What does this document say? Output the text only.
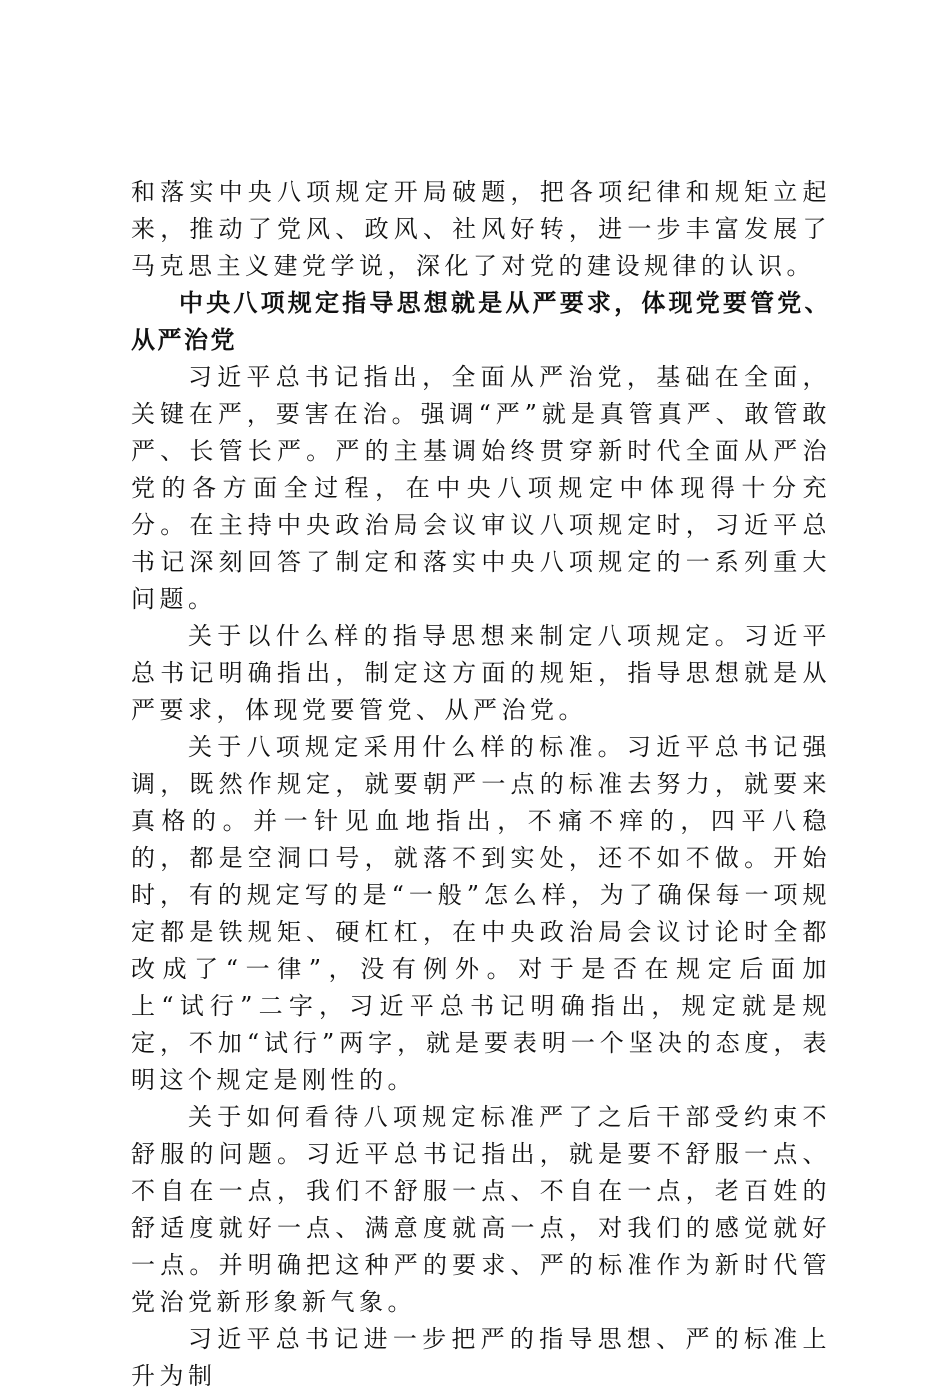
和落实中央八项规定开局破题，把各项纪律和规矩立起来，推动了党风、政风、社风好转，进一步丰富发展了马克思主义建党学说，深化了对党的建设规律的认识。

中央八项规定指导思想就是从严要求，体现党要管党、从严治党

习近平总书记指出，全面从严治党，基础在全面，关键在严，要害在治。强调“严”就是真管真严、敢管敢严、长管长严。严的主基调始终贯穿新时代全面从严治党的各方面全过程，在中央八项规定中体现得十分充分。在主持中央政治局会议审议八项规定时，习近平总书记深刻回答了制定和落实中央八项规定的一系列重大问题。

关于以什么样的指导思想来制定八项规定。习近平总书记明确指出，制定这方面的规矩，指导思想就是从严要求，体现党要管党、从严治党。

关于八项规定采用什么样的标准。习近平总书记强调，既然作规定，就要朝严一点的标准去努力，就要来真格的。并一针见血地指出，不痛不痒的，四平八稳的，都是空洞口号，就落不到实处，还不如不做。开始时，有的规定写的是“一般”怎么样，为了确保每一项规定都是铁规矩、硬杠杠，在中央政治局会议讨论时全都改成了“一律”，没有例外。对于是否在规定后面加上“试行”二字，习近平总书记明确指出，规定就是规定，不加“试行”两字，就是要表明一个坚决的态度，表明这个规定是刚性的。

关于如何看待八项规定标准严了之后干部受约束不舒服的问题。习近平总书记指出，就是要不舒服一点、不自在一点，我们不舒服一点、不自在一点，老百姓的舒适度就好一点、满意度就高一点，对我们的感觉就好一点。并明确把这种严的要求、严的标准作为新时代管党治党新形象新气象。

习近平总书记进一步把严的指导思想、严的标准上升为制
